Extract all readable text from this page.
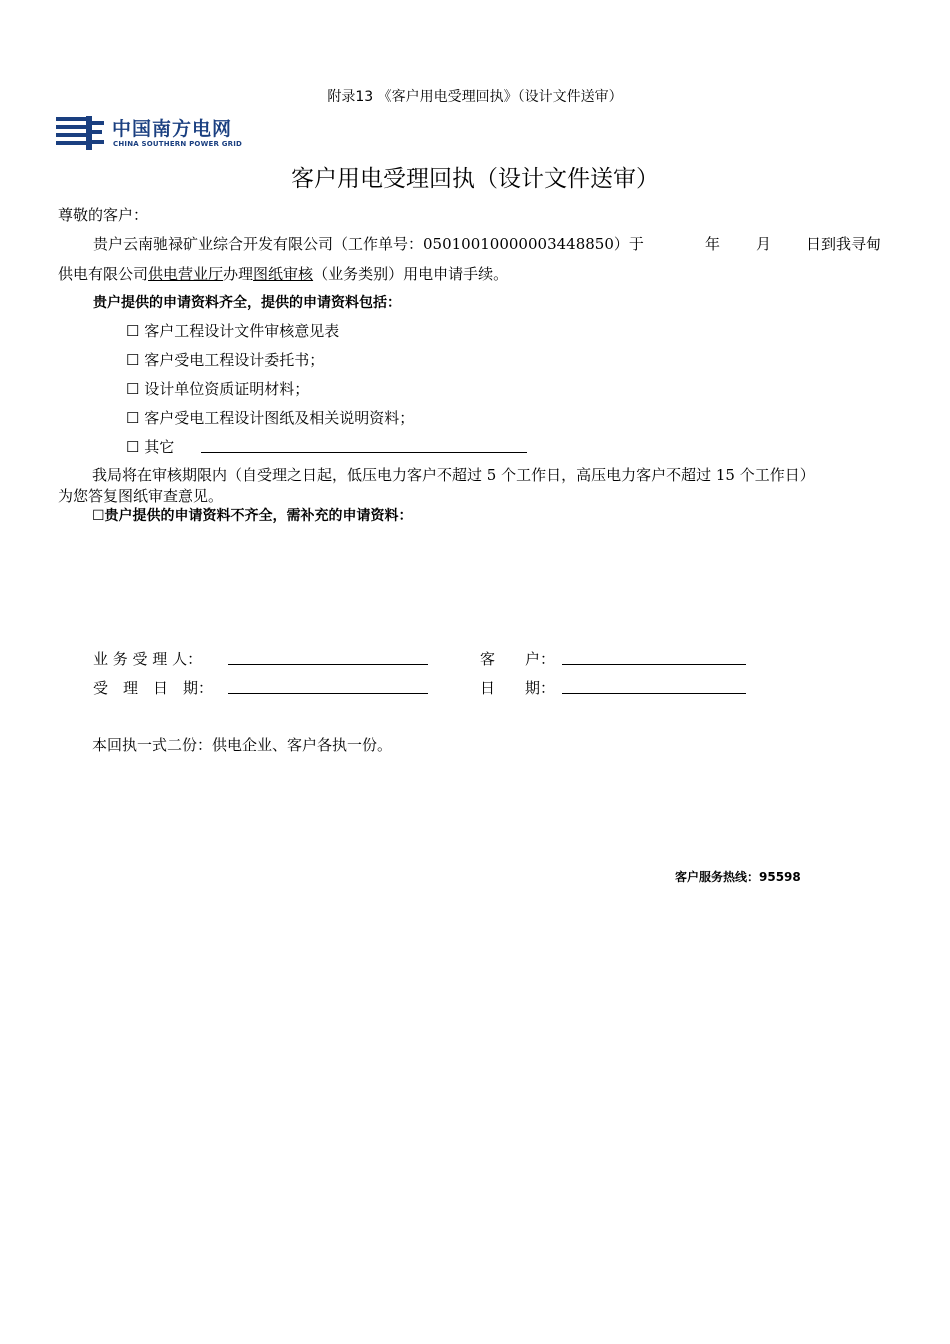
附录13 《客户用电受理回执》（设计文件送审）
中国南方电网
CHINA SOUTHERN POWER GRID
客户用电受理回执（设计文件送审）
尊敬的客户：
贵户云南驰禄矿业综合开发有限公司（工作单号：0501001000000344​8850）于	年 月 日到我寻甸
供电有限公司供电营业厅办理图纸审核（业务类别）用电申请手续。
贵户提供的申请资料齐全，提供的申请资料包括：
☐ 客户工程设计文件审核意见表
☐ 客户受电工程设计委托书；
☐ 设计单位资质证明材料；
☐ 客户受电工程设计图纸及相关说明资料；
☐ 其它
我局将在审核期限内（自受理之日起，低压电力客户不超过 5 个工作日，高压电力客户不超过 15 个工作日）
为您答复图纸审查意见。
☐贵户提供的申请资料不齐全，需补充的申请资料：
业 务 受 理 人：	客　　户：
受　理　日　期：	日　　期：
本回执一式二份：供电企业、客户各执一份。
客户服务热线：95598
